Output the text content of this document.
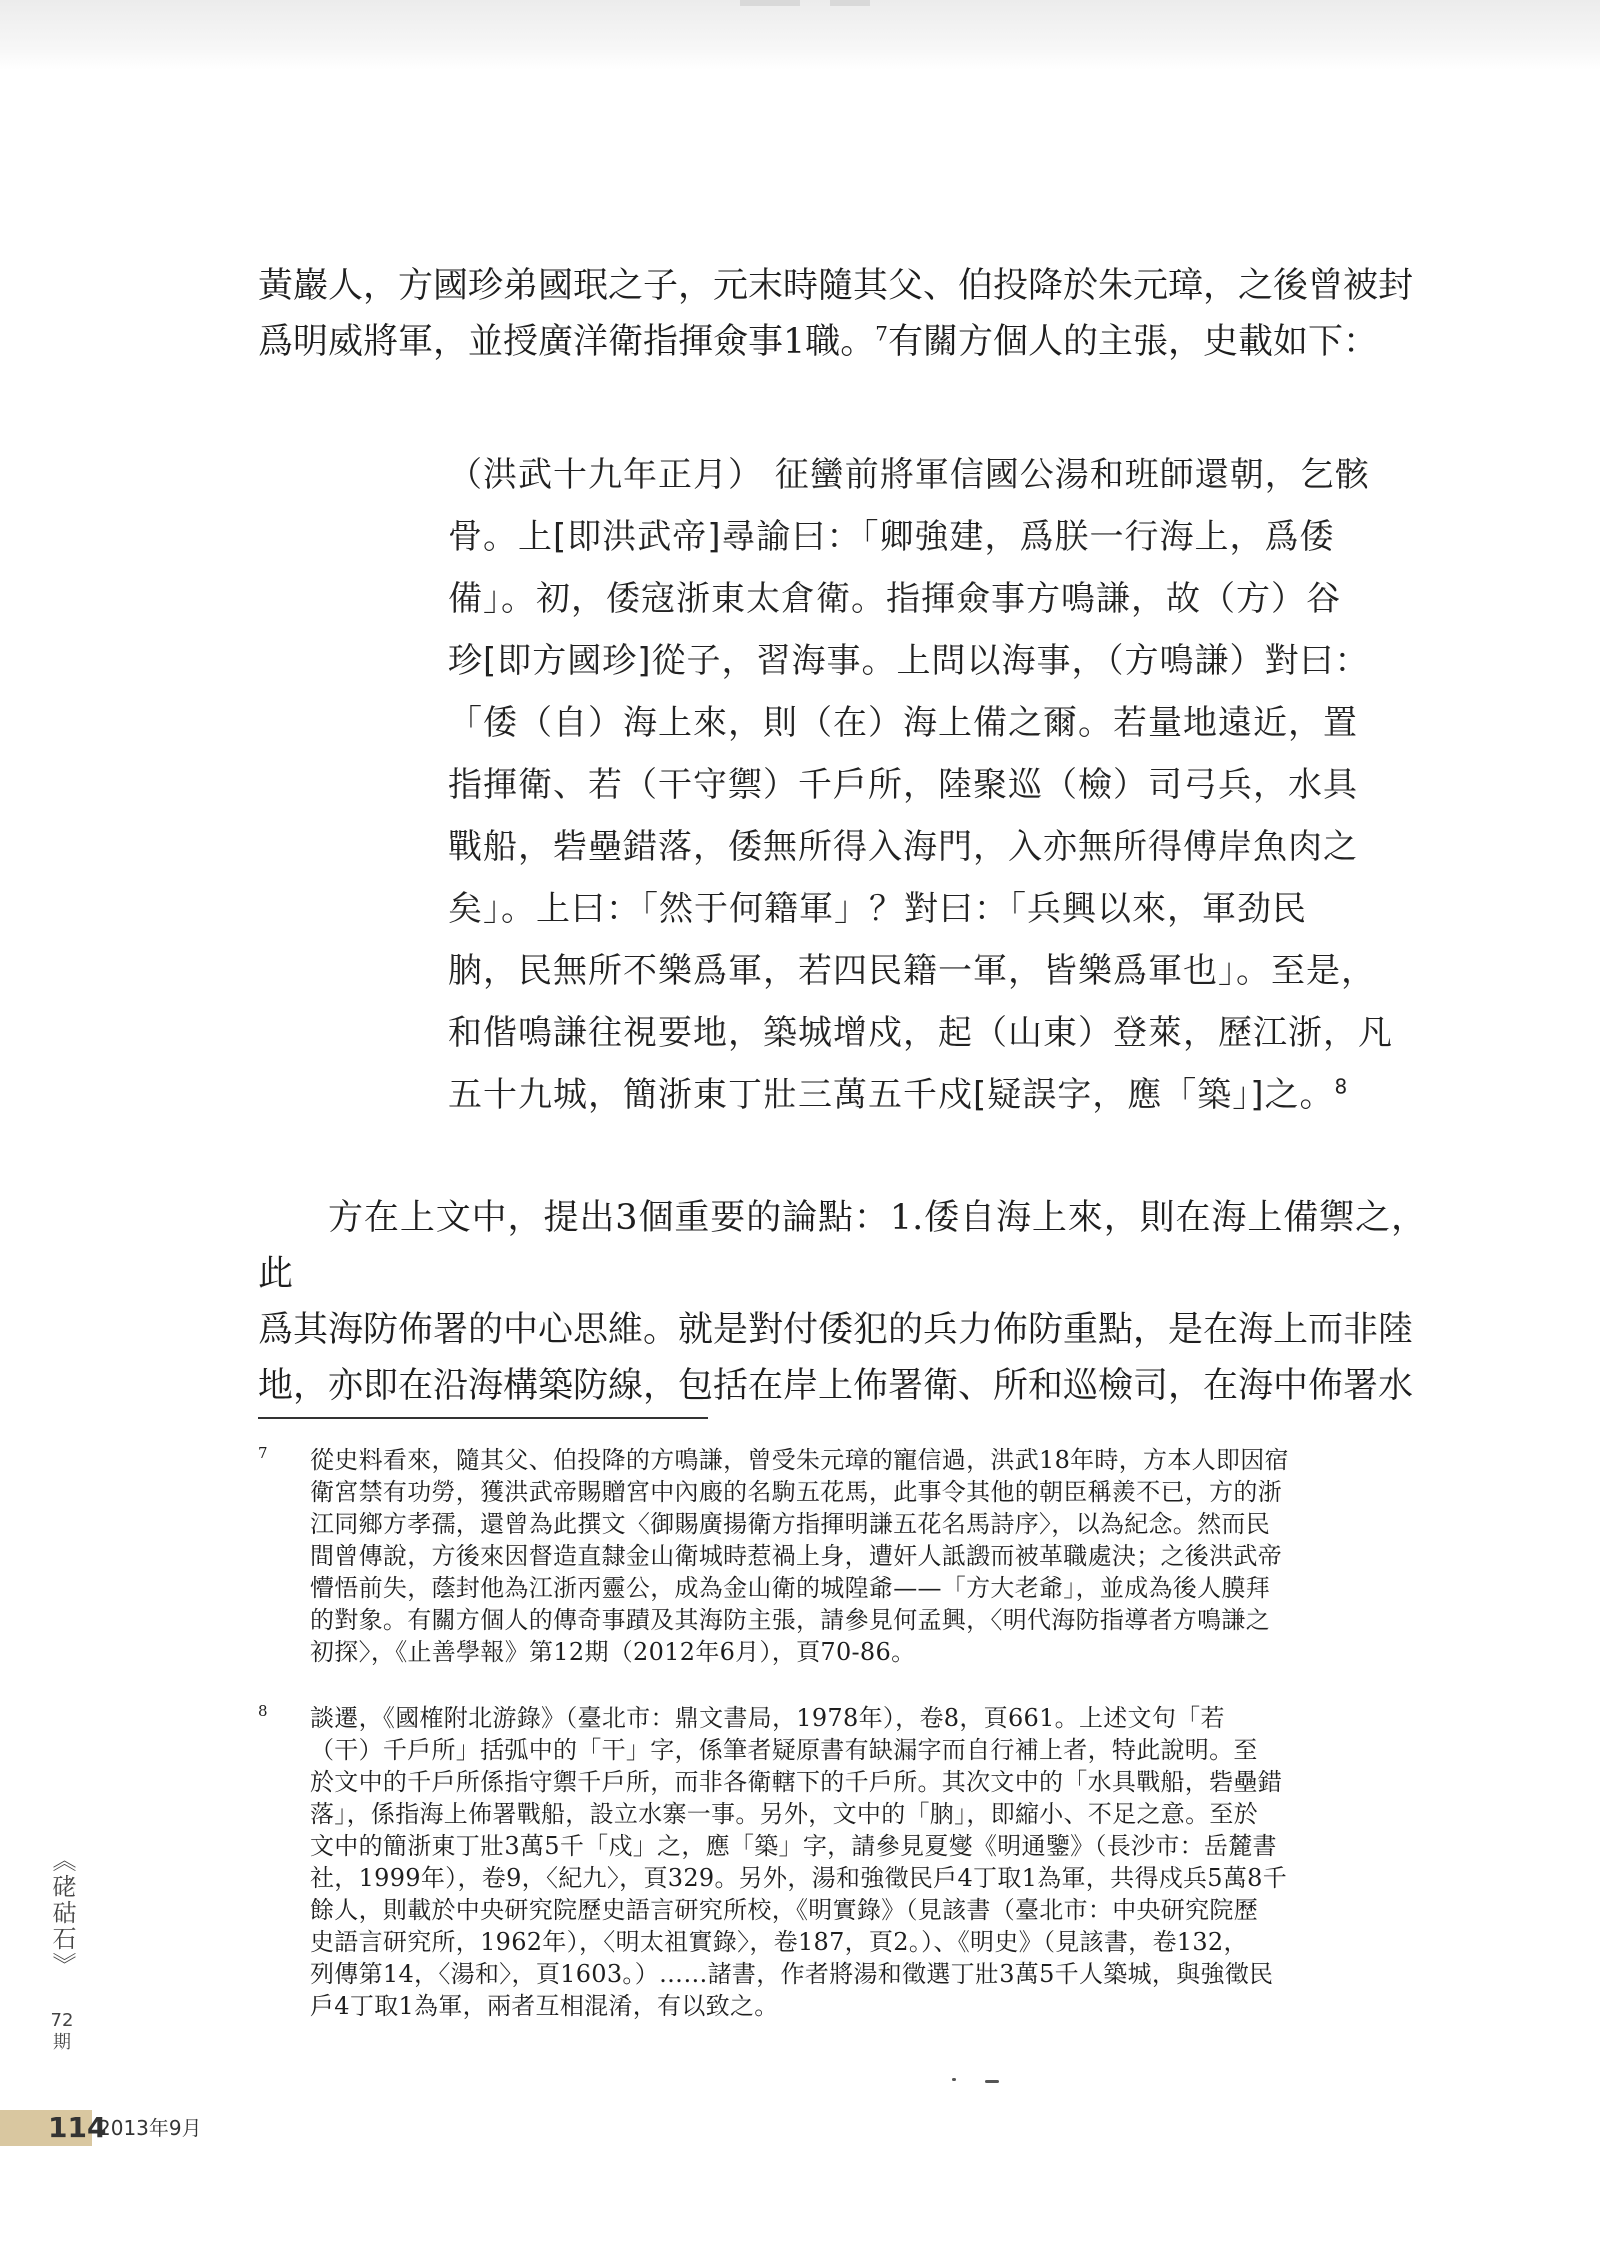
黃巖人，方國珍弟國珉之子，元末時隨其父、伯投降於朱元璋，之後曾被封
爲明威將軍，並授廣洋衛指揮僉事1職。$^7$有關方個人的主張，史載如下：
（洪武十九年正月） 征蠻前將軍信國公湯和班師還朝，乞骸
骨。上[即洪武帝]尋諭曰：「卿強建，爲朕一行海上，爲倭
備」。初，倭寇浙東太倉衛。指揮僉事方鳴謙，故（方）谷
珍[即方國珍]從子，習海事。上問以海事，（方鳴謙）對曰：
「倭（自）海上來，則（在）海上備之爾。若量地遠近，置
指揮衛、若（干守禦）千戶所，陸聚巡（檢）司弓兵，水具
戰船，砦壘錯落，倭無所得入海門，入亦無所得傅岸魚肉之
矣」。上曰：「然于何籍軍」？對曰：「兵興以來，軍劲民
朒，民無所不樂爲軍，若四民籍一軍，皆樂爲軍也」。至是，
和偕鳴謙往視要地，築城增戍，起（山東）登萊，歷江浙，凡
五十九城，簡浙東丁壯三萬五千戍[疑誤字，應「築」]之。$^8$
方在上文中，提出3個重要的論點：1.倭自海上來，則在海上備禦之，此
爲其海防佈署的中心思維。就是對付倭犯的兵力佈防重點，是在海上而非陸
地，亦即在沿海構築防線，包括在岸上佈署衛、所和巡檢司，在海中佈署水
7 從史料看來，隨其父、伯投降的方鳴謙，曾受朱元璋的寵信過，洪武18年時，方本人即因宿
衛宮禁有功勞，獲洪武帝賜贈宮中內廄的名駒五花馬，此事令其他的朝臣稱羨不已，方的浙
江同鄉方孝孺，還曾為此撰文〈御賜廣揚衛方指揮明謙五花名馬詩序〉，以為紀念。然而民
間曾傳說，方後來因督造直隸金山衛城時惹禍上身，遭奸人詆譭而被革職處決；之後洪武帝
懵悟前失，蔭封他為江浙丙靈公，成為金山衛的城隍爺——「方大老爺」，並成為後人膜拜
的對象。有關方個人的傳奇事蹟及其海防主張，請參見何孟興，〈明代海防指導者方鳴謙之
初探〉，《止善學報》第12期（2012年6月），頁70-86。
8 談遷，《國榷附北游錄》（臺北市：鼎文書局，1978年），卷8，頁661。上述文句「若
（干）千戶所」括弧中的「干」字，係筆者疑原書有缺漏字而自行補上者，特此說明。至
於文中的千戶所係指守禦千戶所，而非各衛轄下的千戶所。其次文中的「水具戰船，砦壘錯
落」，係指海上佈署戰船，設立水寨一事。另外，文中的「朒」，即縮小、不足之意。至於
文中的簡浙東丁壯3萬5千「戍」之，應「築」字，請參見夏燮《明通鑒》（長沙市：岳麓書
社，1999年），卷9，〈紀九〉，頁329。另外，湯和強徵民戶4丁取1為軍，共得戍兵5萬8千
餘人，則載於中央研究院歷史語言研究所校，《明實錄》（見該書（臺北市：中央研究院歷
史語言研究所，1962年），〈明太祖實錄〉，卷187，頁2。）、《明史》（見該書，卷132，
列傳第14，〈湯和〉，頁1603。）……諸書，作者將湯和徵選丁壯3萬5千人築城，與強徵民
戶4丁取1為軍，兩者互相混淆，有以致之。
《硓𥑮石》
72期
114
2013年9月
